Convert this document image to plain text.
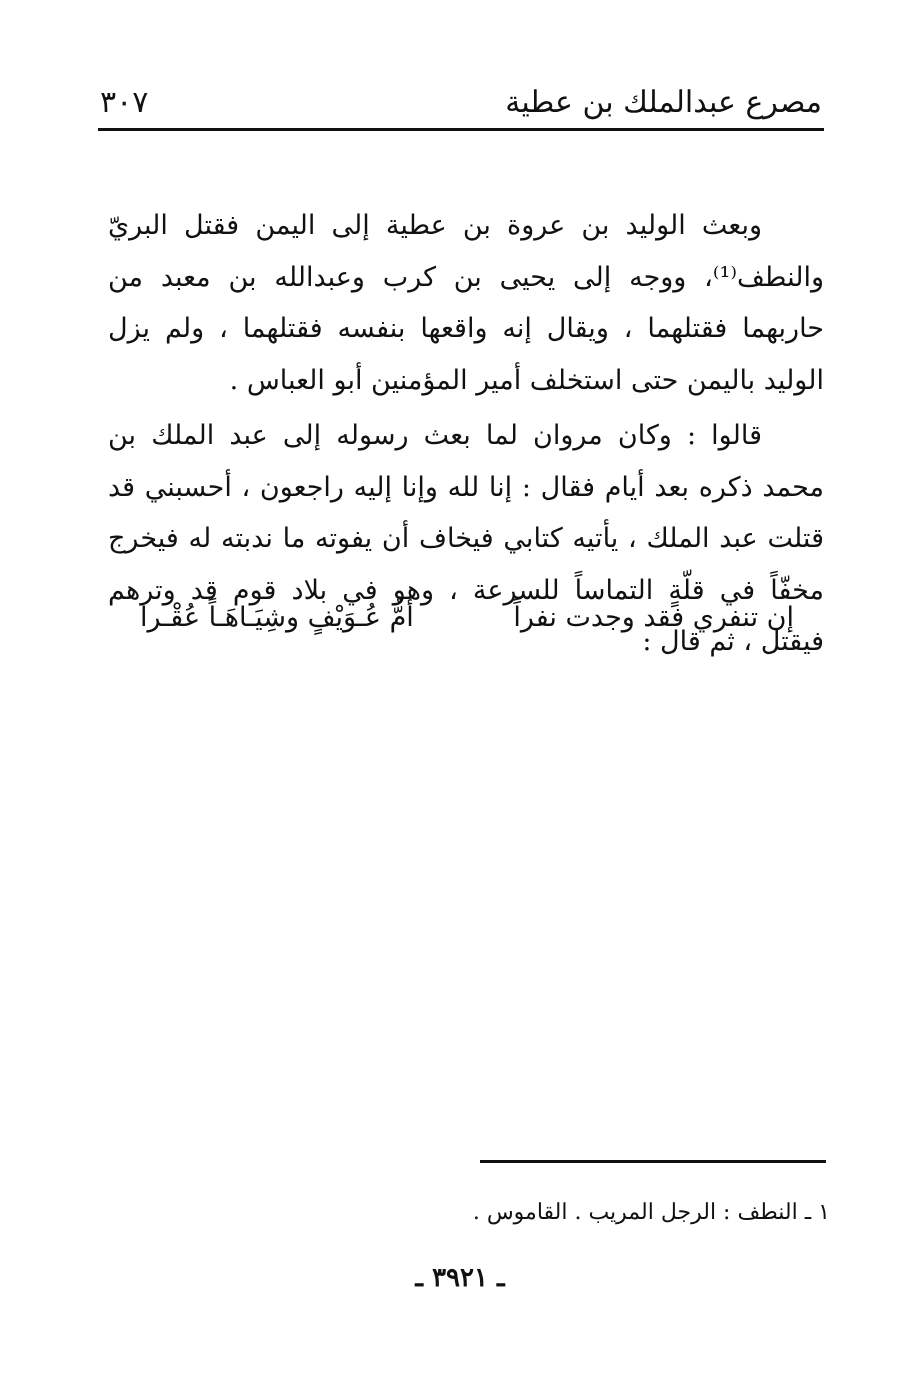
مصرع عبدالملك بن عطية
٣٠٧

وبعث الوليد بن عروة بن عطية إلى اليمن فقتل البريّ والنطف⁽¹⁾، ووجه إلى يحيى بن كرب وعبدالله بن معبد من حاربهما فقتلهما ، ويقال إنه واقعها بنفسه فقتلهما ، ولم يزل الوليد باليمن حتى استخلف أمير المؤمنين أبو العباس .

قالوا : وكان مروان لما بعث رسوله إلى عبد الملك بن محمد ذكره بعد أيام فقال : إنا لله وإنا إليه راجعون ، أحسبني قد قتلت عبد الملك ، يأتيه كتابي فيخاف أن يفوته ما ندبته له فيخرج مخفّاً في قلّةٍ التماساً للسرعة ، وهو في بلاد قوم قد وترهم فيقتل ، ثم قال :

إن تنفري فقد وجدت نفراً
أمُّ عُـوَيْفٍ وشِيَـاهَـاً عُقْـرا
١ ـ النطف : الرجل المريب . القاموس .
ـ ٣٩٢١ ـ
